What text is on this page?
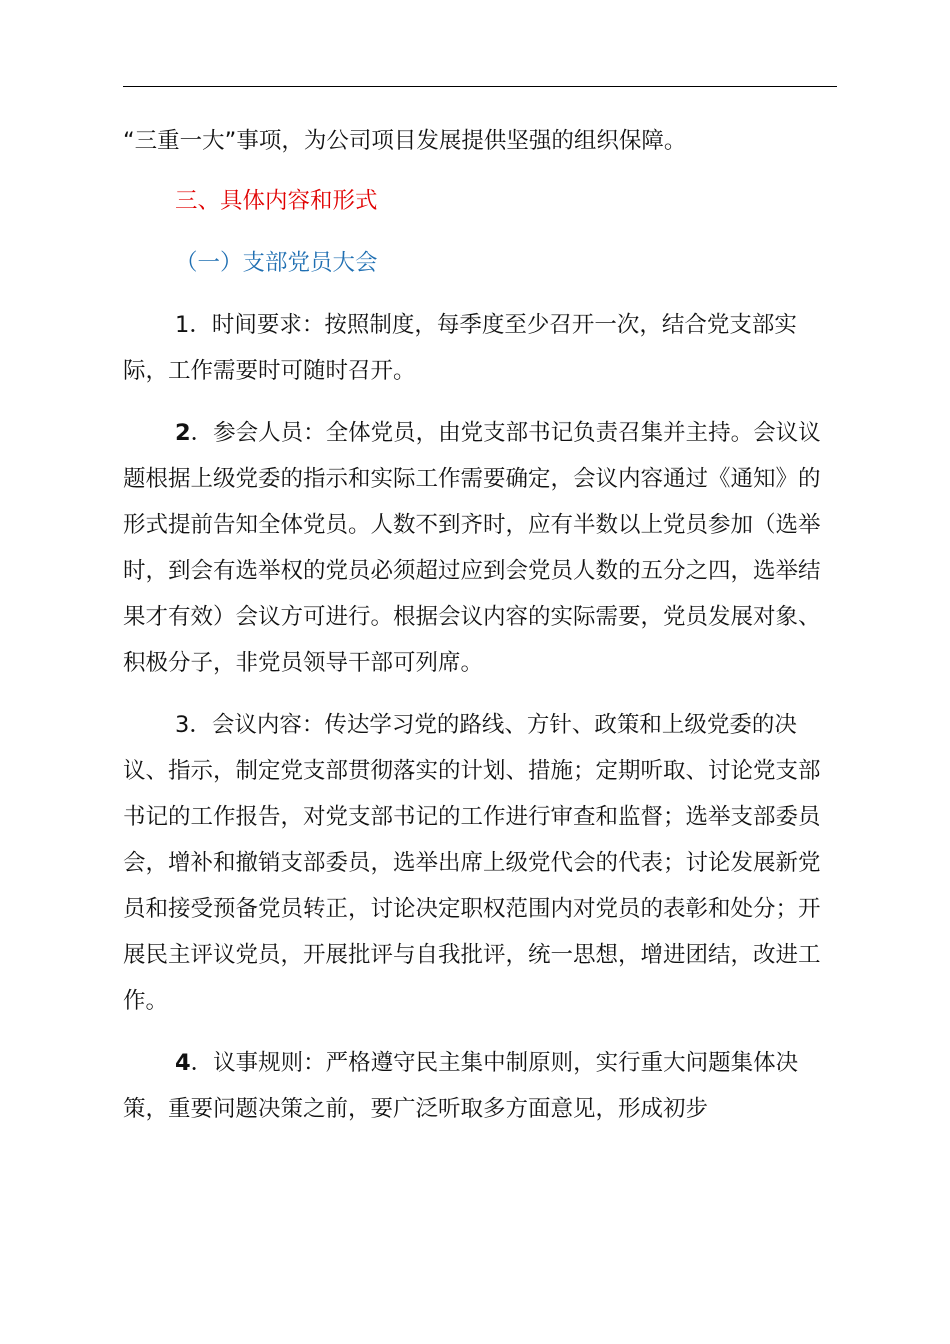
“三重一大”事项，为公司项目发展提供坚强的组织保障。

三、具体内容和形式

（一）支部党员大会

1．时间要求：按照制度，每季度至少召开一次，结合党支部实际，工作需要时可随时召开。

2．参会人员：全体党员，由党支部书记负责召集并主持。会议议题根据上级党委的指示和实际工作需要确定，会议内容通过《通知》的形式提前告知全体党员。人数不到齐时，应有半数以上党员参加（选举时，到会有选举权的党员必须超过应到会党员人数的五分之四，选举结果才有效）会议方可进行。根据会议内容的实际需要，党员发展对象、积极分子，非党员领导干部可列席。

3．会议内容：传达学习党的路线、方针、政策和上级党委的决议、指示，制定党支部贯彻落实的计划、措施；定期听取、讨论党支部书记的工作报告，对党支部书记的工作进行审查和监督；选举支部委员会，增补和撤销支部委员，选举出席上级党代会的代表；讨论发展新党员和接受预备党员转正，讨论决定职权范围内对党员的表彰和处分；开展民主评议党员，开展批评与自我批评，统一思想，增进团结，改进工作。

4．议事规则：严格遵守民主集中制原则，实行重大问题集体决策，重要问题决策之前，要广泛听取多方面意见，形成初步
